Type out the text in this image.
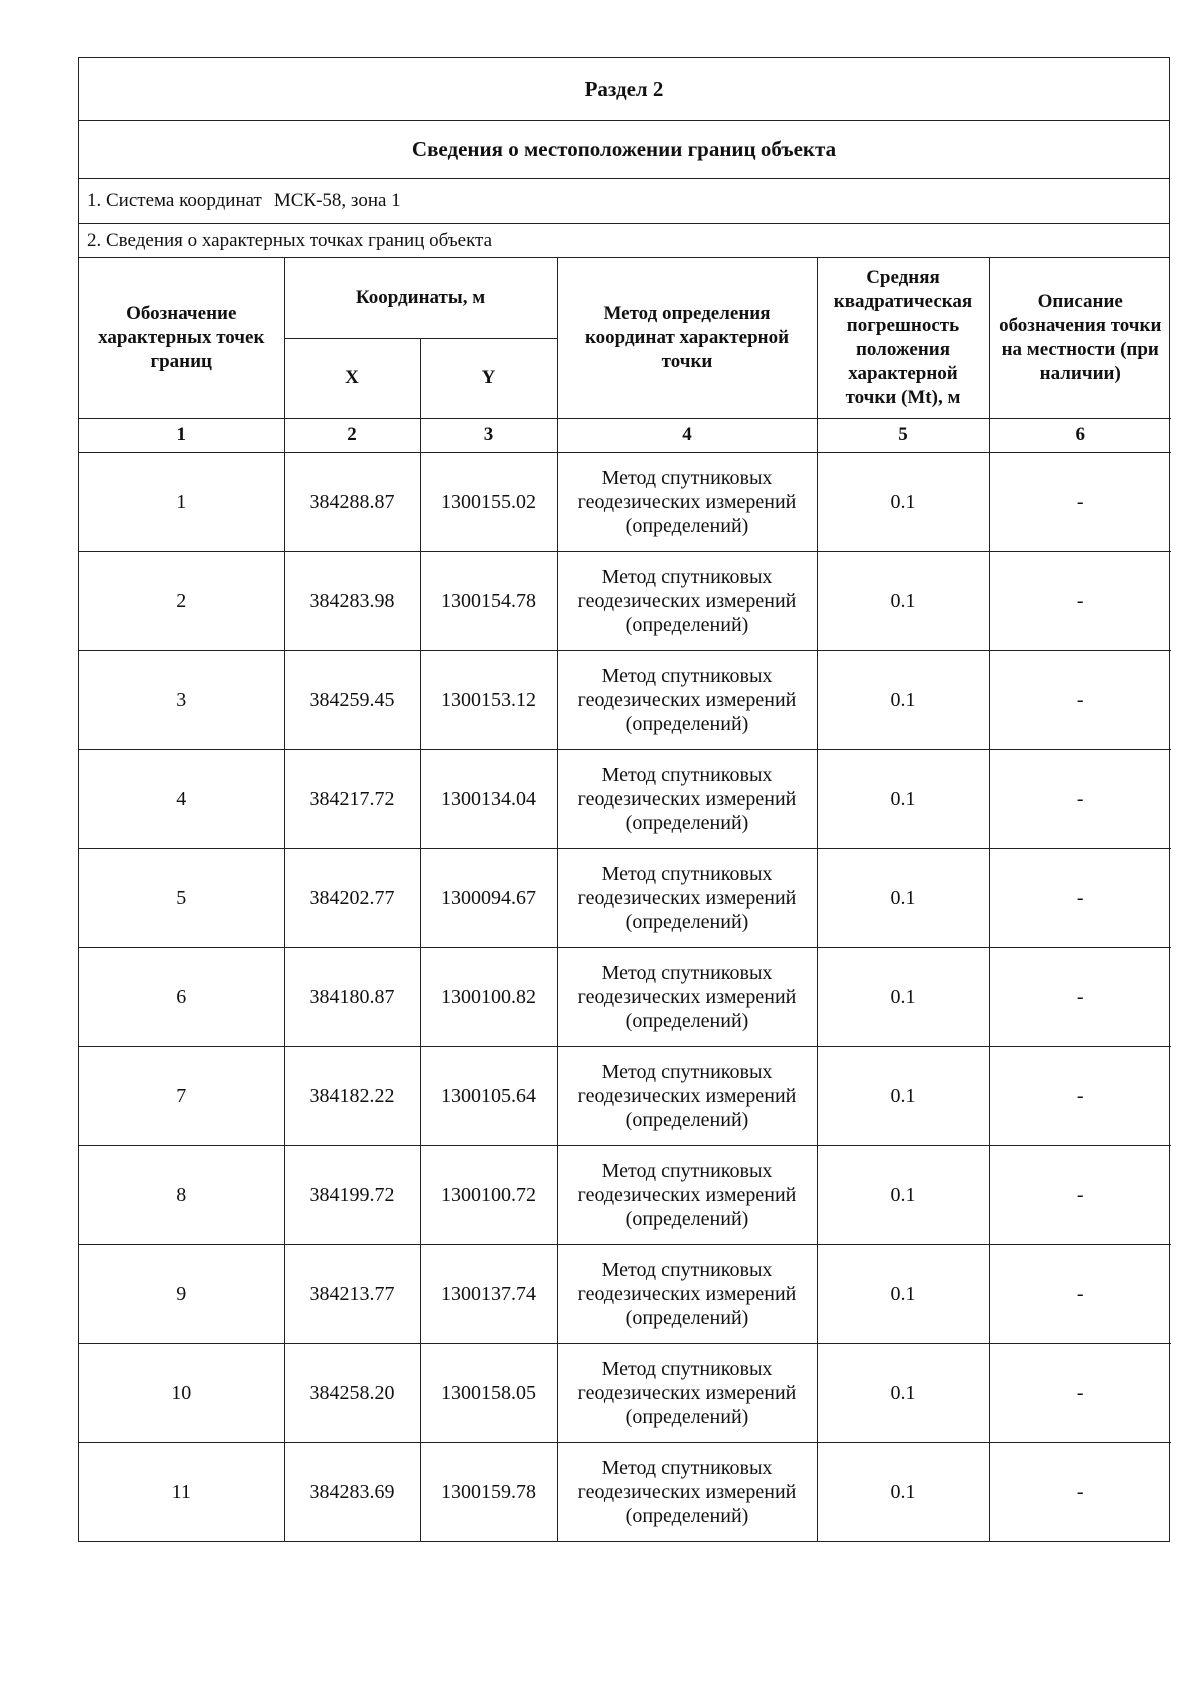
Раздел 2
Сведения о местоположении границ объекта
1. Система координат МСК-58, зона 1
2. Сведения о характерных точках границ объекта
Обозначение характерных точек границ	Координаты, м		Метод определения координат характерной точки	Средняя квадратическая погрешность положения характерной точки (Mt), м	Описание обозначения точки на местности (при наличии)
	X	Y			
1	2	3	4	5	6
1	384288.87	1300155.02	Метод спутниковых
геодезических измерений
(определений)	0.1	-
2	384283.98	1300154.78	Метод спутниковых
геодезических измерений
(определений)	0.1	-
3	384259.45	1300153.12	Метод спутниковых
геодезических измерений
(определений)	0.1	-
4	384217.72	1300134.04	Метод спутниковых
геодезических измерений
(определений)	0.1	-
5	384202.77	1300094.67	Метод спутниковых
геодезических измерений
(определений)	0.1	-
6	384180.87	1300100.82	Метод спутниковых
геодезических измерений
(определений)	0.1	-
7	384182.22	1300105.64	Метод спутниковых
геодезических измерений
(определений)	0.1	-
8	384199.72	1300100.72	Метод спутниковых
геодезических измерений
(определений)	0.1	-
9	384213.77	1300137.74	Метод спутниковых
геодезических измерений
(определений)	0.1	-
10	384258.20	1300158.05	Метод спутниковых
геодезических измерений
(определений)	0.1	-
11	384283.69	1300159.78	Метод спутниковых
геодезических измерений
(определений)	0.1	-
